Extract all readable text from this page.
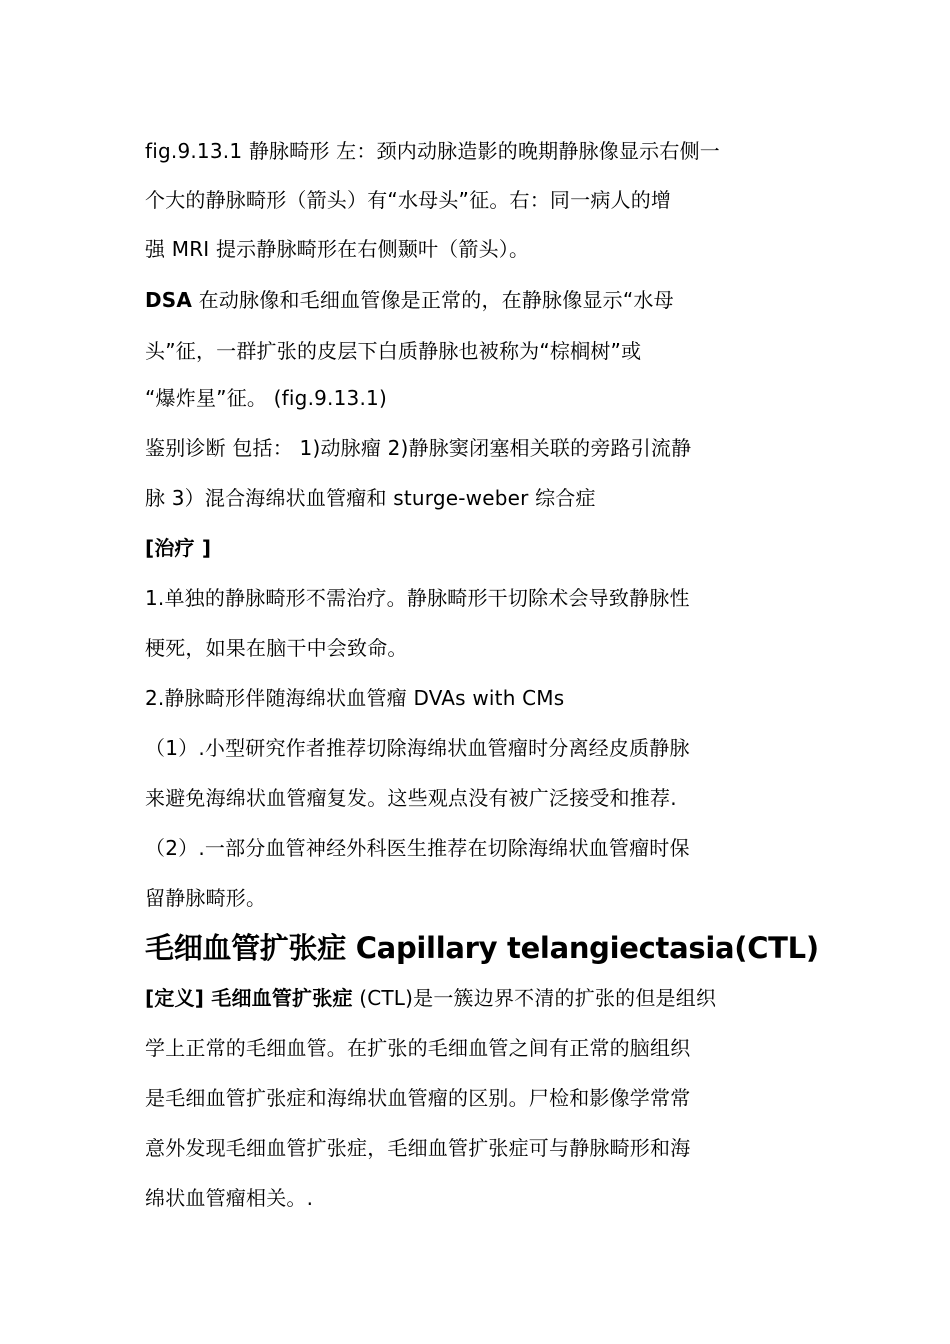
fig.9.13.1 静脉畸形 左：颈内动脉造影的晚期静脉像显示右侧一
个大的静脉畸形（箭头）有“水母头”征。右：同一病人的增
强 MRI 提示静脉畸形在右侧颞叶（箭头）。
DSA 在动脉像和毛细血管像是正常的，在静脉像显示“水母
头”征，一群扩张的皮层下白质静脉也被称为“棕榈树”或
“爆炸星”征。 (fig.9.13.1)
鉴别诊断 包括： 1)动脉瘤 2)静脉窦闭塞相关联的旁路引流静
脉 3）混合海绵状血管瘤和 sturge-weber 综合症
[治疗 ]
1.单独的静脉畸形不需治疗。静脉畸形干切除术会导致静脉性
梗死，如果在脑干中会致命。
2.静脉畸形伴随海绵状血管瘤 DVAs with CMs
（1）.小型研究作者推荐切除海绵状血管瘤时分离经皮质静脉
来避免海绵状血管瘤复发。这些观点没有被广泛接受和推荐.
（2）.一部分血管神经外科医生推荐在切除海绵状血管瘤时保
留静脉畸形。
毛细血管扩张症 Capillary telangiectasia(CTL)
[定义] 毛细血管扩张症 (CTL)是一簇边界不清的扩张的但是组织
学上正常的毛细血管。在扩张的毛细血管之间有正常的脑组织
是毛细血管扩张症和海绵状血管瘤的区别。尸检和影像学常常
意外发现毛细血管扩张症，毛细血管扩张症可与静脉畸形和海
绵状血管瘤相关。.
